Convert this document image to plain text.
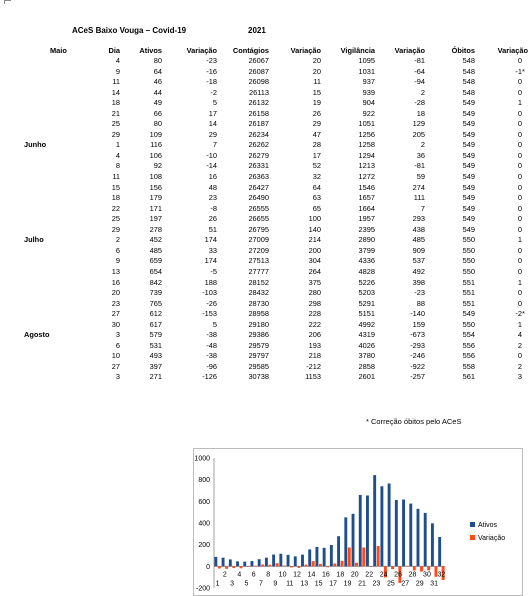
ACeS Baixo Vouga – Covid-19	2021
Maio	Dia	Ativos	Variação	Contágios	Variação	Vigilância	Variação	Óbitos	Variação
	4	80	-23	26067	20	1095	-81	548	0
	9	64	-16	26087	20	1031	-64	548	-1*
	11	46	-18	26098	11	937	-94	548	0
	14	44	-2	26113	15	939	2	548	0
	18	49	5	26132	19	904	-28	549	1
	21	66	17	26158	26	922	18	549	0
	25	80	14	26187	29	1051	129	549	0
	29	109	29	26234	47	1256	205	549	0
Junho	1	116	7	26262	28	1258	2	549	0
	4	106	-10	26279	17	1294	36	549	0
	8	92	-14	26331	52	1213	-81	549	0
	11	108	16	26363	32	1272	59	549	0
	15	156	48	26427	64	1546	274	549	0
	18	179	23	26490	63	1657	111	549	0
	22	171	-8	26555	65	1664	7	549	0
	25	197	26	26655	100	1957	293	549	0
	29	278	51	26795	140	2395	438	549	0
Julho	2	452	174	27009	214	2890	485	550	1
	6	485	33	27209	200	3799	909	550	0
	9	659	174	27513	304	4336	537	550	0
	13	654	-5	27777	264	4828	492	550	0
	16	842	188	28152	375	5226	398	551	1
	20	739	-103	28432	280	5203	-23	551	0
	23	765	-26	28730	298	5291	88	551	0
	27	612	-153	28958	228	5151	-140	549	-2*
	30	617	5	29180	222	4992	159	550	1
Agosto	3	579	-38	29386	206	4319	-673	554	4
	6	531	-48	29579	193	4026	-293	556	2
	10	493	-38	29797	218	3780	-246	556	0
	27	397	-96	29585	-212	2858	-922	558	2
	3	271	-126	30738	1153	2601	-257	561	3
* Correção óbitos pelo ACeS
1000
800
600
400
200
0
-200
2 4 6 8 10 12 14 16 18 20 22 24 26 28 30 32
1 3 5 7 9 11 13 15 17 19 21 23 25 27 29 31
Ativos
Variação
